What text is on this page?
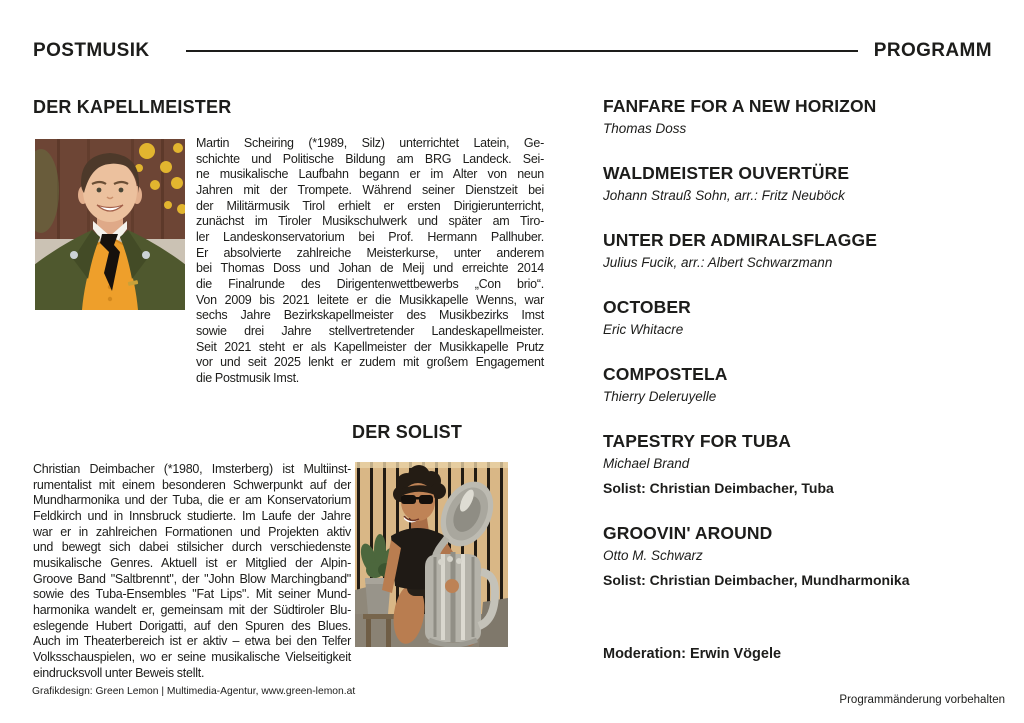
POSTMUSIK	PROGRAMM
DER KAPELLMEISTER
Martin Scheiring (*1989, Silz) unterrichtet Latein, Ge-
schichte und Politische Bildung am BRG Landeck. Sei-
ne musikalische Laufbahn begann er im Alter von neun
Jahren mit der Trompete. Während seiner Dienstzeit bei
der Militärmusik Tirol erhielt er ersten Dirigierunterricht,
zunächst im Tiroler Musikschulwerk und später am Tiro-
ler Landeskonservatorium bei Prof. Hermann Pallhuber.
Er absolvierte zahlreiche Meisterkurse, unter anderem
bei Thomas Doss und Johan de Meij und erreichte 2014
die Finalrunde des Dirigentenwettbewerbs „Con brio“.
Von 2009 bis 2021 leitete er die Musikkapelle Wenns, war
sechs Jahre Bezirkskapellmeister des Musikbezirks Imst
sowie drei Jahre stellvertretender Landeskapellmeister.
Seit 2021 steht er als Kapellmeister der Musikkapelle Prutz
vor und seit 2025 lenkt er zudem mit großem Engagement
die Postmusik Imst.
DER SOLIST
Christian Deimbacher (*1980, Imsterberg) ist Multiinst-
rumentalist mit einem besonderen Schwerpunkt auf der
Mundharmonika und der Tuba, die er am Konservatorium
Feldkirch und in Innsbruck studierte. Im Laufe der Jahre
war er in zahlreichen Formationen und Projekten aktiv
und bewegt sich dabei stilsicher durch verschiedenste
musikalische Genres. Aktuell ist er Mitglied der Alpin-
Groove Band "Saltbrennt", der "John Blow Marchingband"
sowie des Tuba-Ensembles "Fat Lips". Mit seiner Mund-
harmonika wandelt er, gemeinsam mit der Südtiroler Blu-
eslegende Hubert Dorigatti, auf den Spuren des Blues.
Auch im Theaterbereich ist er aktiv – etwa bei den Telfer
Volksschauspielen, wo er seine musikalische Vielseitigkeit
eindrucksvoll unter Beweis stellt.
Grafikdesign: Green Lemon | Multimedia-Agentur, www.green-lemon.at
FANFARE FOR A NEW HORIZON
Thomas Doss
WALDMEISTER OUVERTÜRE
Johann Strauß Sohn, arr.: Fritz Neuböck
UNTER DER ADMIRALSFLAGGE
Julius Fucik, arr.: Albert Schwarzmann
OCTOBER
Eric Whitacre
COMPOSTELA
Thierry Deleruyelle
TAPESTRY FOR TUBA
Michael Brand
Solist: Christian Deimbacher, Tuba
GROOVIN' AROUND
Otto M. Schwarz
Solist: Christian Deimbacher, Mundharmonika
Moderation: Erwin Vögele
Programmänderung vorbehalten
